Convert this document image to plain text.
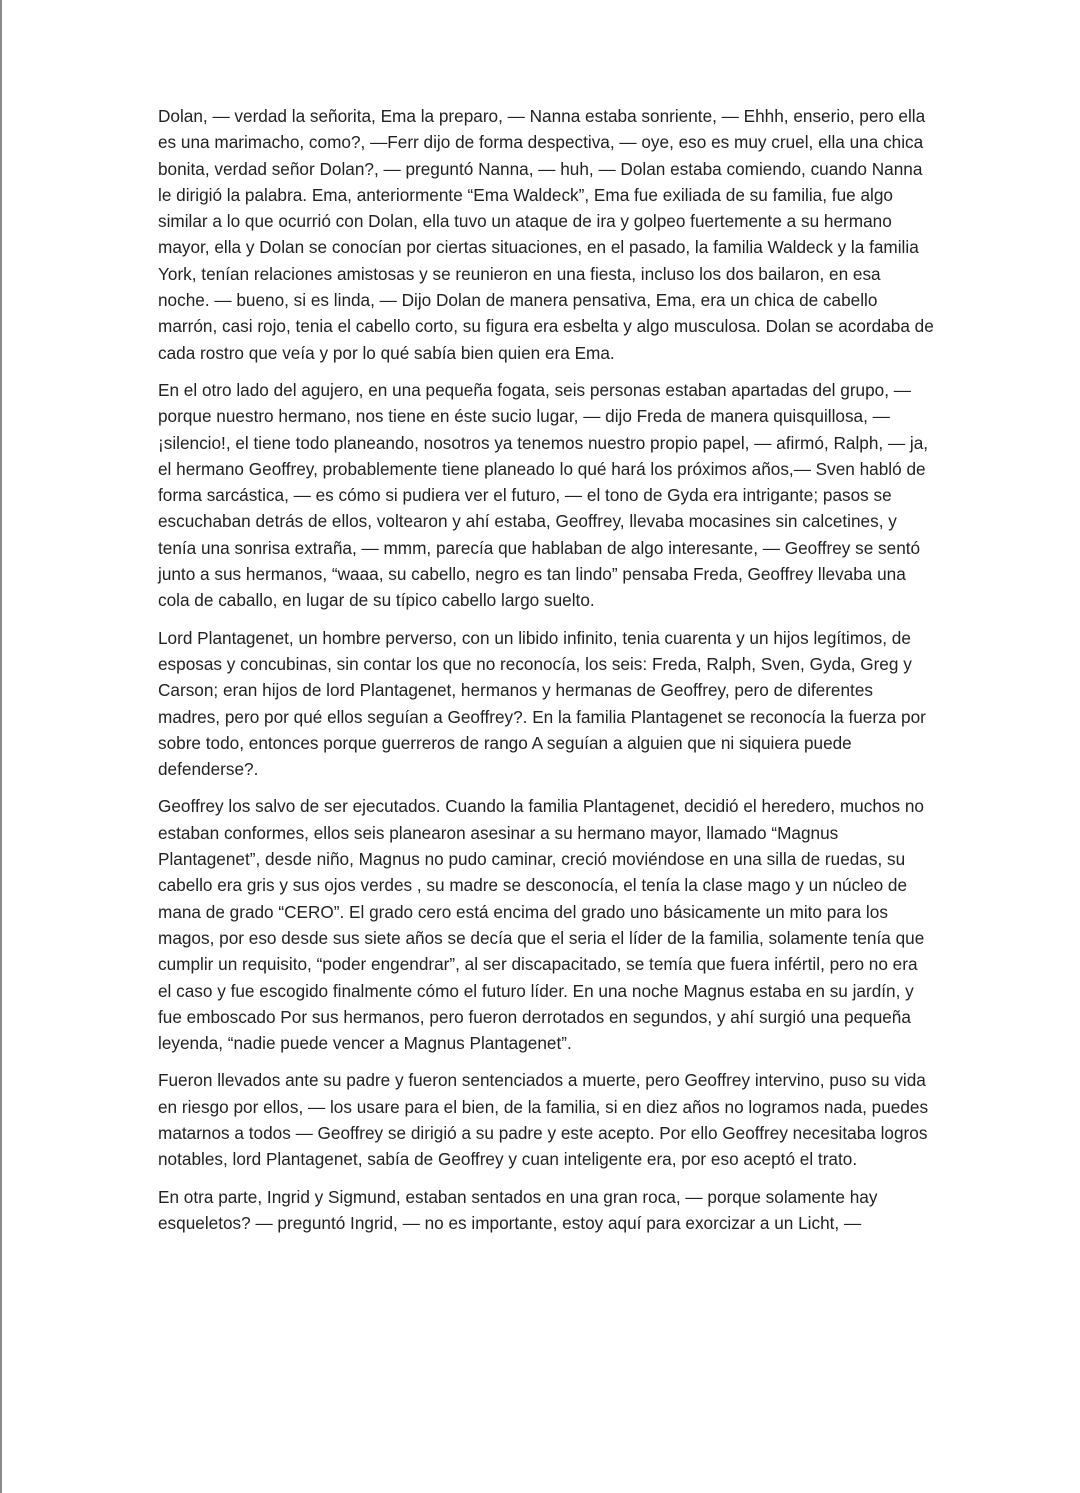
Dolan, — verdad la señorita, Ema la preparo, — Nanna estaba sonriente, — Ehhh, enserio, pero ella es una marimacho, como?, —Ferr dijo de forma despectiva, — oye, eso es muy cruel, ella una chica bonita, verdad señor Dolan?, — preguntó Nanna, — huh, — Dolan estaba comiendo, cuando Nanna le dirigió la palabra. Ema, anteriormente “Ema Waldeck”, Ema fue exiliada de su familia, fue algo similar a lo que ocurrió con Dolan, ella tuvo un ataque de ira y golpeo fuertemente a su hermano mayor, ella y Dolan se conocían por ciertas situaciones, en el pasado, la familia Waldeck y la familia York, tenían relaciones amistosas y se reunieron en una fiesta, incluso los dos bailaron, en esa noche. — bueno, si es linda, — Dijo Dolan de manera pensativa, Ema, era un chica de cabello marrón, casi rojo, tenia el cabello corto, su figura era esbelta y algo musculosa. Dolan se acordaba de cada rostro que veía y por lo qué sabía bien quien era Ema.

En el otro lado del agujero, en una pequeña fogata, seis personas estaban apartadas del grupo, — porque nuestro hermano, nos tiene en éste sucio lugar, — dijo Freda de manera quisquillosa, — ¡silencio!, el tiene todo planeando, nosotros ya tenemos nuestro propio papel, — afirmó, Ralph, — ja, el hermano Geoffrey, probablemente tiene planeado lo qué hará los próximos años,— Sven habló de forma sarcástica, — es cómo si pudiera ver el futuro, — el tono de Gyda era intrigante; pasos se escuchaban detrás de ellos, voltearon y ahí estaba, Geoffrey, llevaba mocasines sin calcetines, y tenía una sonrisa extraña, — mmm, parecía que hablaban de algo interesante, — Geoffrey se sentó junto a sus hermanos, “waaa, su cabello, negro es tan lindo” pensaba Freda, Geoffrey llevaba una cola de caballo, en lugar de su típico cabello largo suelto.

Lord Plantagenet, un hombre perverso, con un libido infinito, tenia cuarenta y un hijos legítimos, de esposas y concubinas, sin contar los que no reconocía, los seis: Freda, Ralph, Sven, Gyda, Greg y Carson; eran hijos de lord Plantagenet, hermanos y hermanas de Geoffrey, pero de diferentes madres, pero por qué ellos seguían a Geoffrey?. En la familia Plantagenet se reconocía la fuerza por sobre todo, entonces porque guerreros de rango A seguían a alguien que ni siquiera puede defenderse?.

Geoffrey los salvo de ser ejecutados. Cuando la familia Plantagenet, decidió el heredero, muchos no estaban conformes, ellos seis planearon asesinar a su hermano mayor, llamado “Magnus Plantagenet”, desde niño, Magnus no pudo caminar, creció moviéndose en una silla de ruedas, su cabello era gris y sus ojos verdes , su madre se desconocía, el tenía la clase mago y un núcleo de mana de grado “CERO”. El grado cero está encima del grado uno básicamente un mito para los magos, por eso desde sus siete años se decía que el seria el líder de la familia, solamente tenía que cumplir un requisito, “poder engendrar”, al ser discapacitado, se temía que fuera infértil, pero no era el caso y fue escogido finalmente cómo el futuro líder. En una noche Magnus estaba en su jardín, y fue emboscado Por sus hermanos, pero fueron derrotados en segundos, y ahí surgió una pequeña leyenda, “nadie puede vencer a Magnus Plantagenet”.

Fueron llevados ante su padre y fueron sentenciados a muerte, pero Geoffrey intervino, puso su vida en riesgo por ellos, — los usare para el bien, de la familia, si en diez años no logramos nada, puedes matarnos a todos — Geoffrey se dirigió a su padre y este acepto. Por ello Geoffrey necesitaba logros notables, lord Plantagenet, sabía de Geoffrey y cuan inteligente era, por eso aceptó el trato.

En otra parte, Ingrid y Sigmund, estaban sentados en una gran roca, — porque solamente hay esqueletos? — preguntó Ingrid, — no es importante, estoy aquí para exorcizar a un Licht, —
